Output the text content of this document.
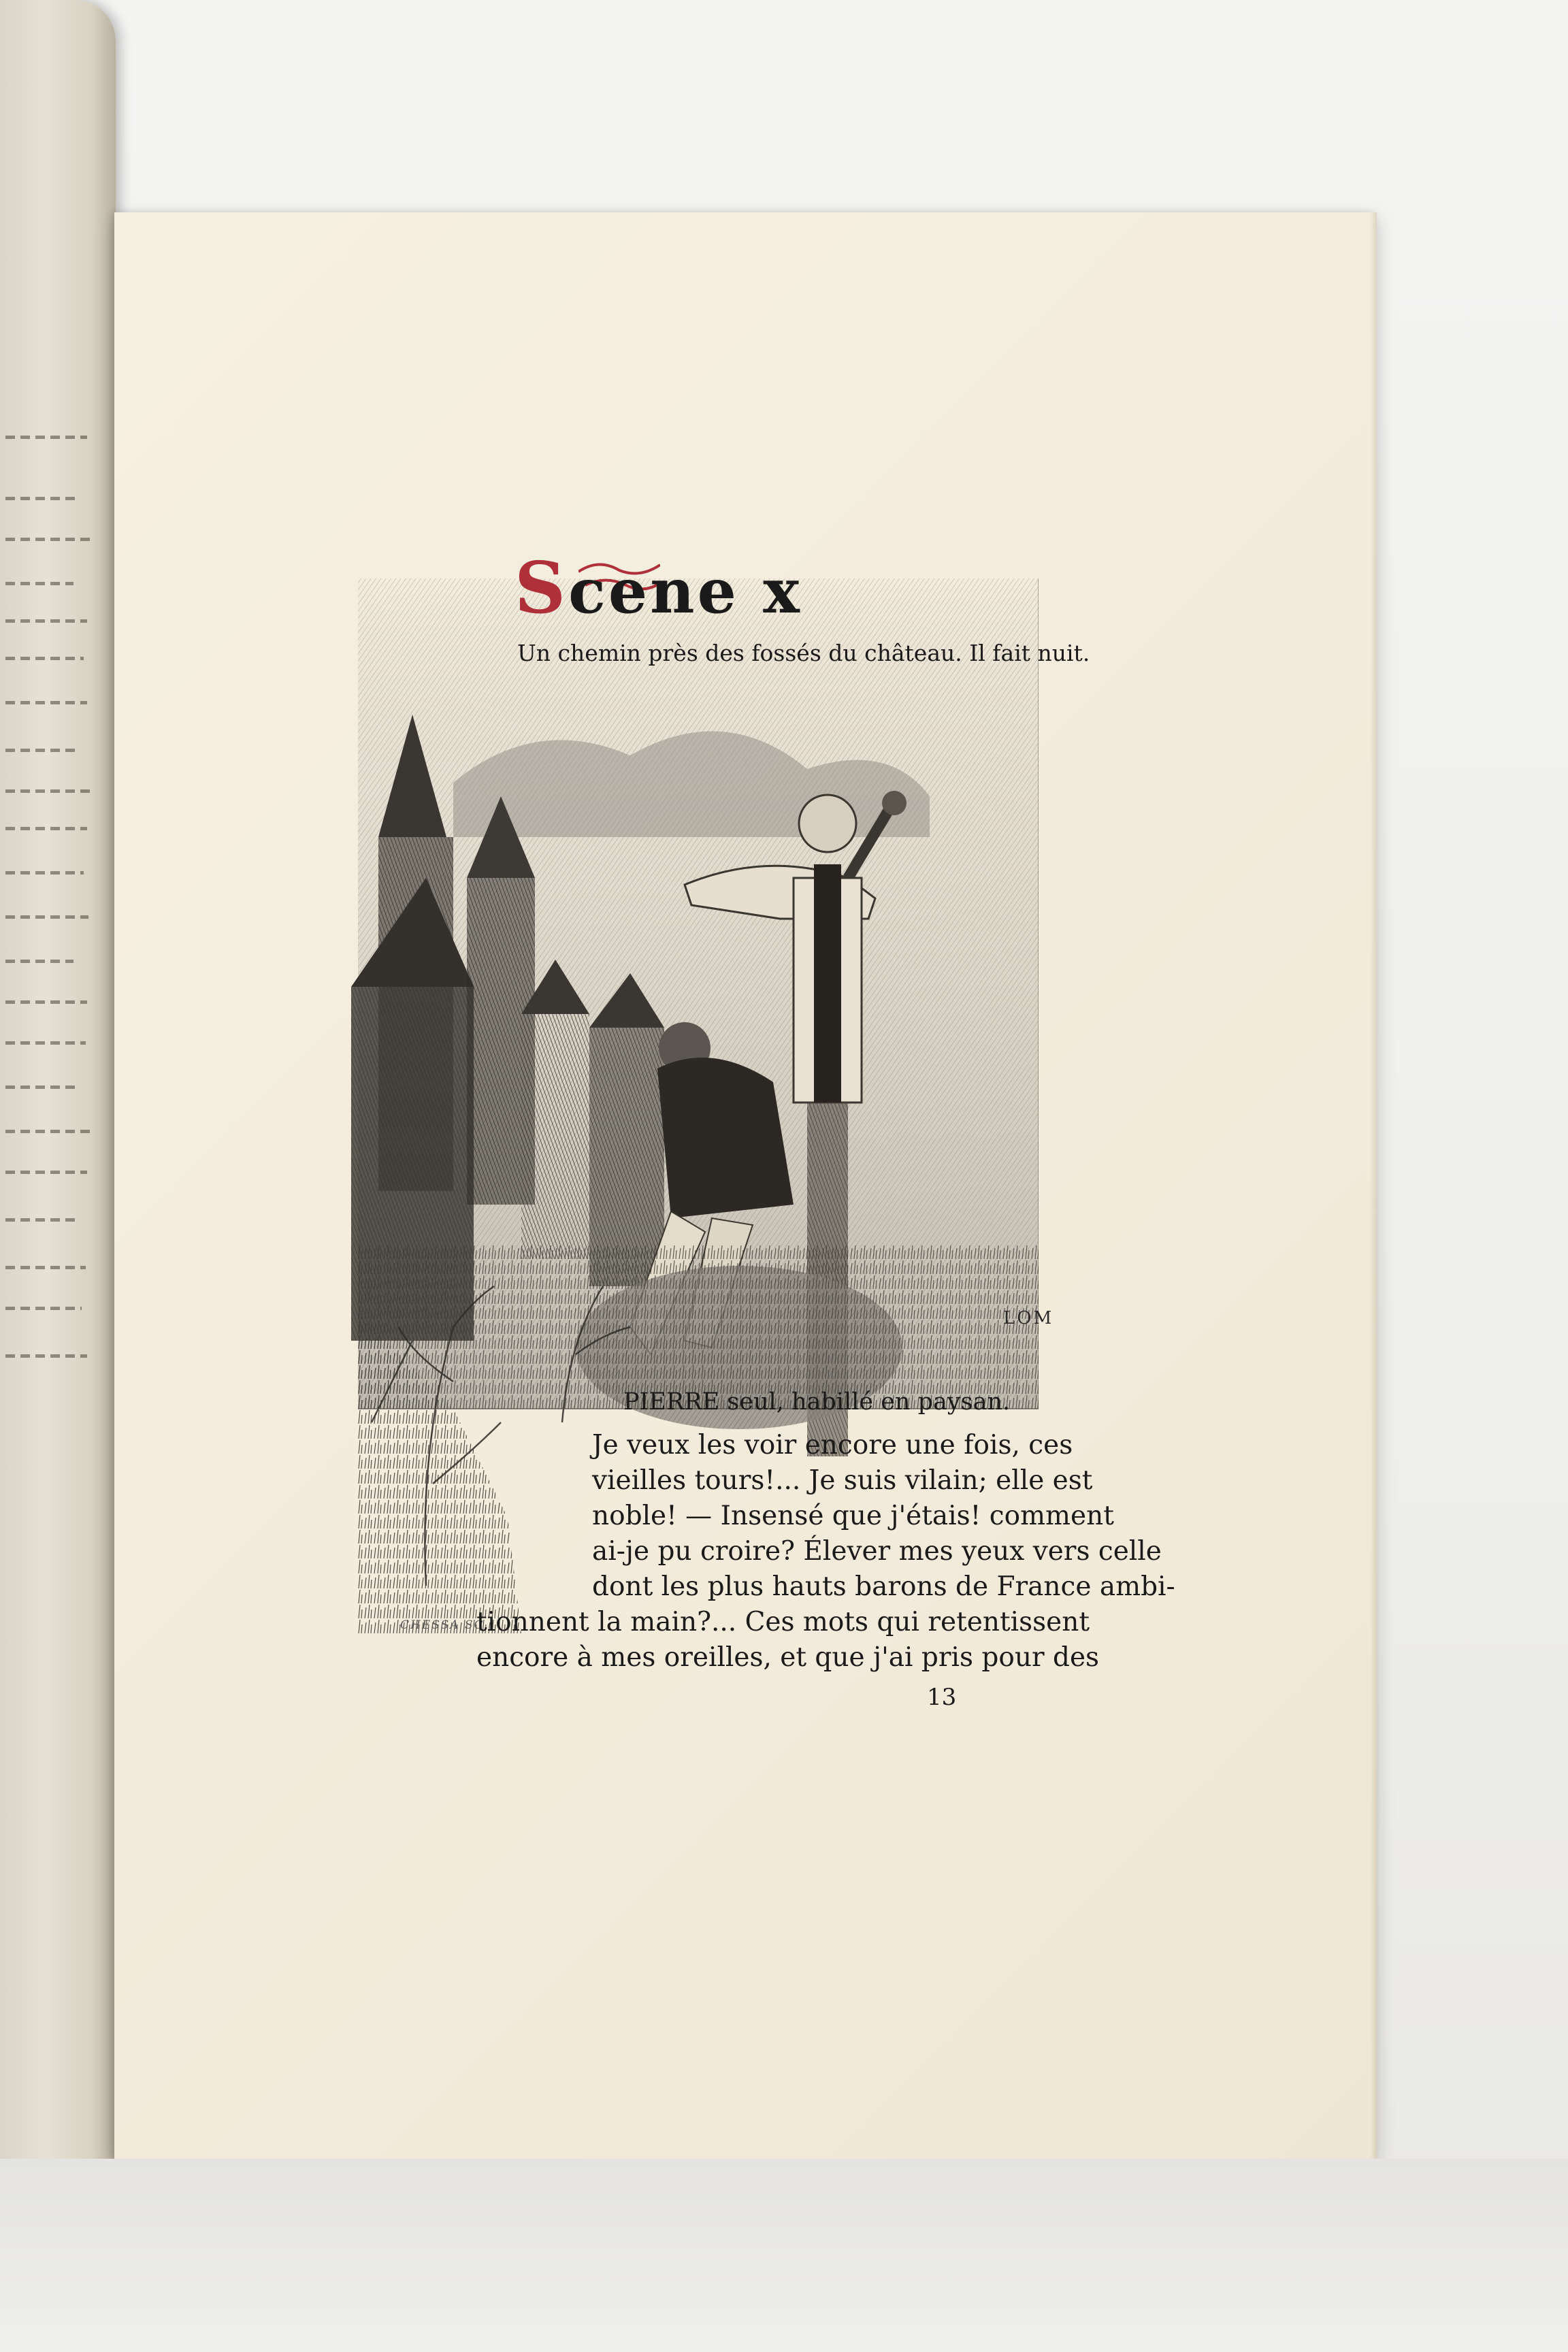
Scene x
Un chemin près des fossés du château. Il fait nuit.
LOM
CHESSA SC.
PIERRE seul, habillé en paysan.
Je veux les voir encore une fois, ces
vieilles tours!... Je suis vilain; elle est
noble! — Insensé que j'étais! comment
ai-je pu croire? Élever mes yeux vers celle
dont les plus hauts barons de France ambi-
tionnent la main?... Ces mots qui retentissent
encore à mes oreilles, et que j'ai pris pour des
13
